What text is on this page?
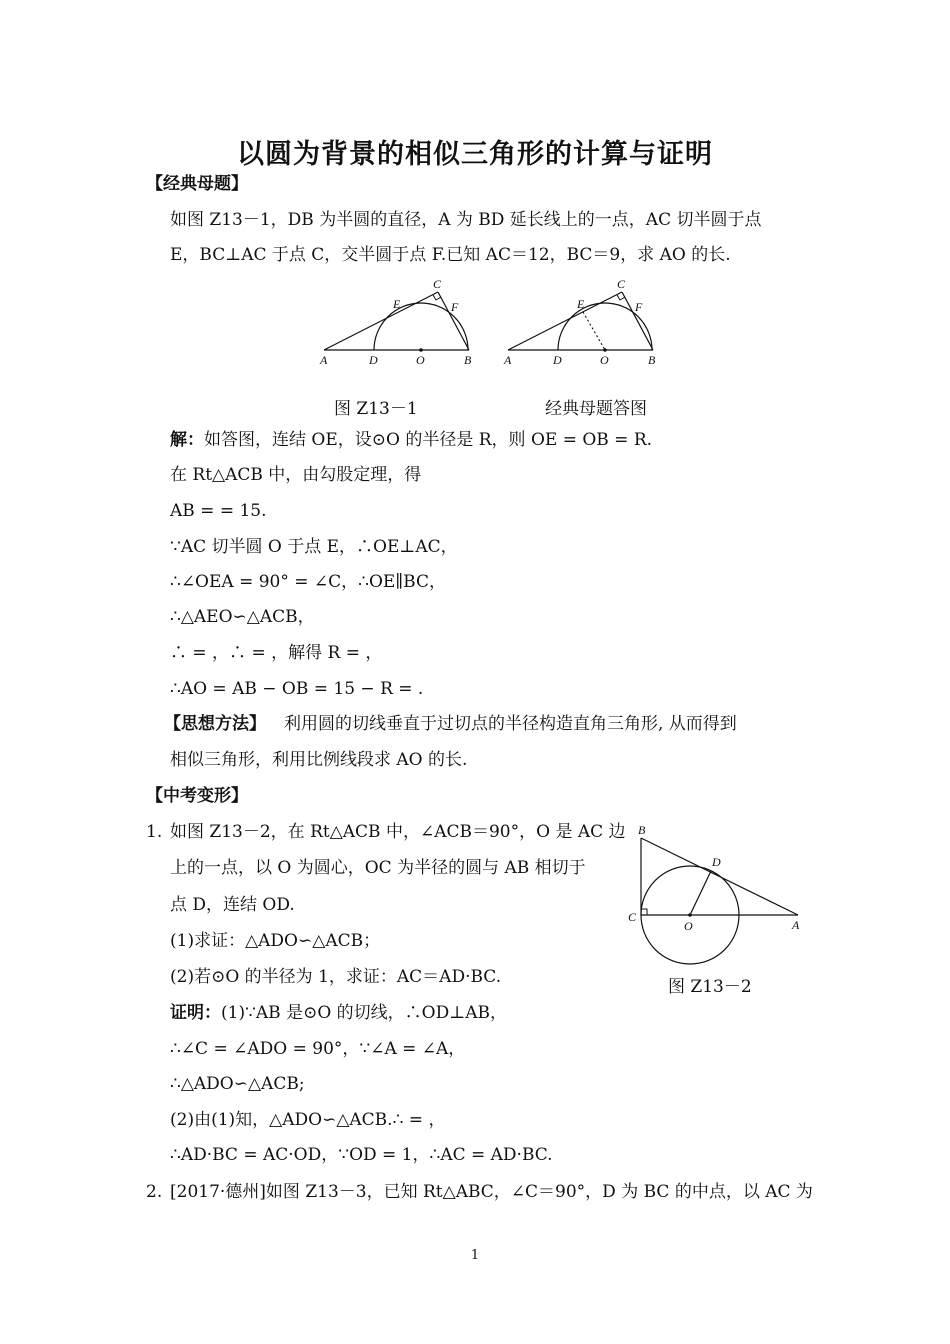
以圆为背景的相似三角形的计算与证明
【经典母题】
如图 Z13－1，DB 为半圆的直径，A 为 BD 延长线上的一点，AC 切半圆于点
E，BC⊥AC 于点 C，交半圆于点 F.已知 AC＝12，BC＝9，求 AO 的长.
A	D	O	B
E
C
F
A	D	O	B
E
C
F
图 Z13－1	经典母题答图
解：如答图，连结 OE，设⊙O 的半径是 R，则 OE = OB = R.
在 Rt△ACB 中，由勾股定理，得
AB = = 15.
∵AC 切半圆 O 于点 E，∴OE⊥AC，
∴∠OEA = 90° = ∠C，∴OE∥BC，
∴△AEO∽△ACB，
∴ = ，∴ = ，解得 R = ，
∴AO = AB − OB = 15 − R = .
【思想方法】 利用圆的切线垂直于过切点的半径构造直角三角形, 从而得到
相似三角形，利用比例线段求 AO 的长.
【中考变形】
1. 如图 Z13－2，在 Rt△ACB 中，∠ACB＝90°，O 是 AC 边
上的一点，以 O 为圆心，OC 为半径的圆与 AB 相切于
点 D，连结 OD.
(1)求证：△ADO∽△ACB；
(2)若⊙O 的半径为 1，求证：AC＝AD·BC.
证明：(1)∵AB 是⊙O 的切线，∴OD⊥AB，
∴∠C = ∠ADO = 90°，∵∠A = ∠A，
∴△ADO∽△ACB;
(2)由(1)知，△ADO∽△ACB.∴ = ，
∴AD·BC = AC·OD，∵OD = 1，∴AC = AD·BC.
B
D
C
O	A
图 Z13－2
2. [2017·德州]如图 Z13－3，已知 Rt△ABC，∠C＝90°，D 为 BC 的中点，以 AC 为
1
